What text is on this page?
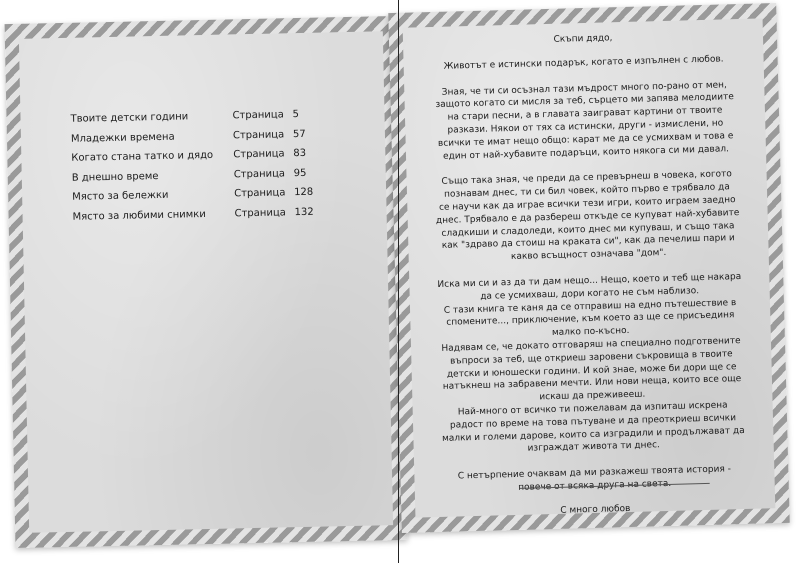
Твоите детски години	Страница 5
Младежки времена	Страница 57
Когато стана татко и дядо	Страница 83
В днешно време	Страница 95
Място за бележки	Страница 128
Място за любими снимки	Страница 132

Скъпи дядо,

Животът е истински подарък, когато е изпълнен с любов.

Зная, че ти си осъзнал тази мъдрост много по-рано от мен,

защото когато си мисля за теб, сърцето ми запява мелодиите

на стари песни, а в главата заиграват картини от твоите

разкази. Някои от тях са истински, други - измислени, но

всички те имат нещо общо: карат ме да се усмихвам и това е

един от най-хубавите подаръци, които някога си ми давал.

Също така зная, че преди да се превърнеш в човека, когото

познавам днес, ти си бил човек, който първо е трябвало да

се научи как да играе всички тези игри, които играем заедно

днес. Трябвало е да разбереш откъде се купуват най-хубавите

сладкиши и сладоледи, които днес ми купуваш, и също така

как "здраво да стоиш на краката си", как да печелиш пари и

какво всъщност означава "дом".

Искa ми си и аз да ти дам нещо... Нещо, което и теб ще накара

да се усмихваш, дори когато не съм наблизо.

С тази книга те каня да се отправиш на едно пътешествие в

спомените..., приключение, към което аз ще се присъединя

малко по-късно.

Надявам се, че докато отговаряш на специално подготвените

въпроси за теб, ще откриеш заровени съкровища в твоите

детски и юношески години. И кой знае, може би дори ще се

натъкнеш на забравени мечти. Или нови неща, които все още

искаш да преживееш.

Най-много от всичко ти пожелавам да изпиташ искрена

радост по време на това пътуване и да преоткриеш всички

малки и големи дарове, които са изградили и продължават да

изграждат живота ти днес.

С нетърпение очаквам да ми разкажеш твоята история -

повече от всяка друга на света.

С много любов
